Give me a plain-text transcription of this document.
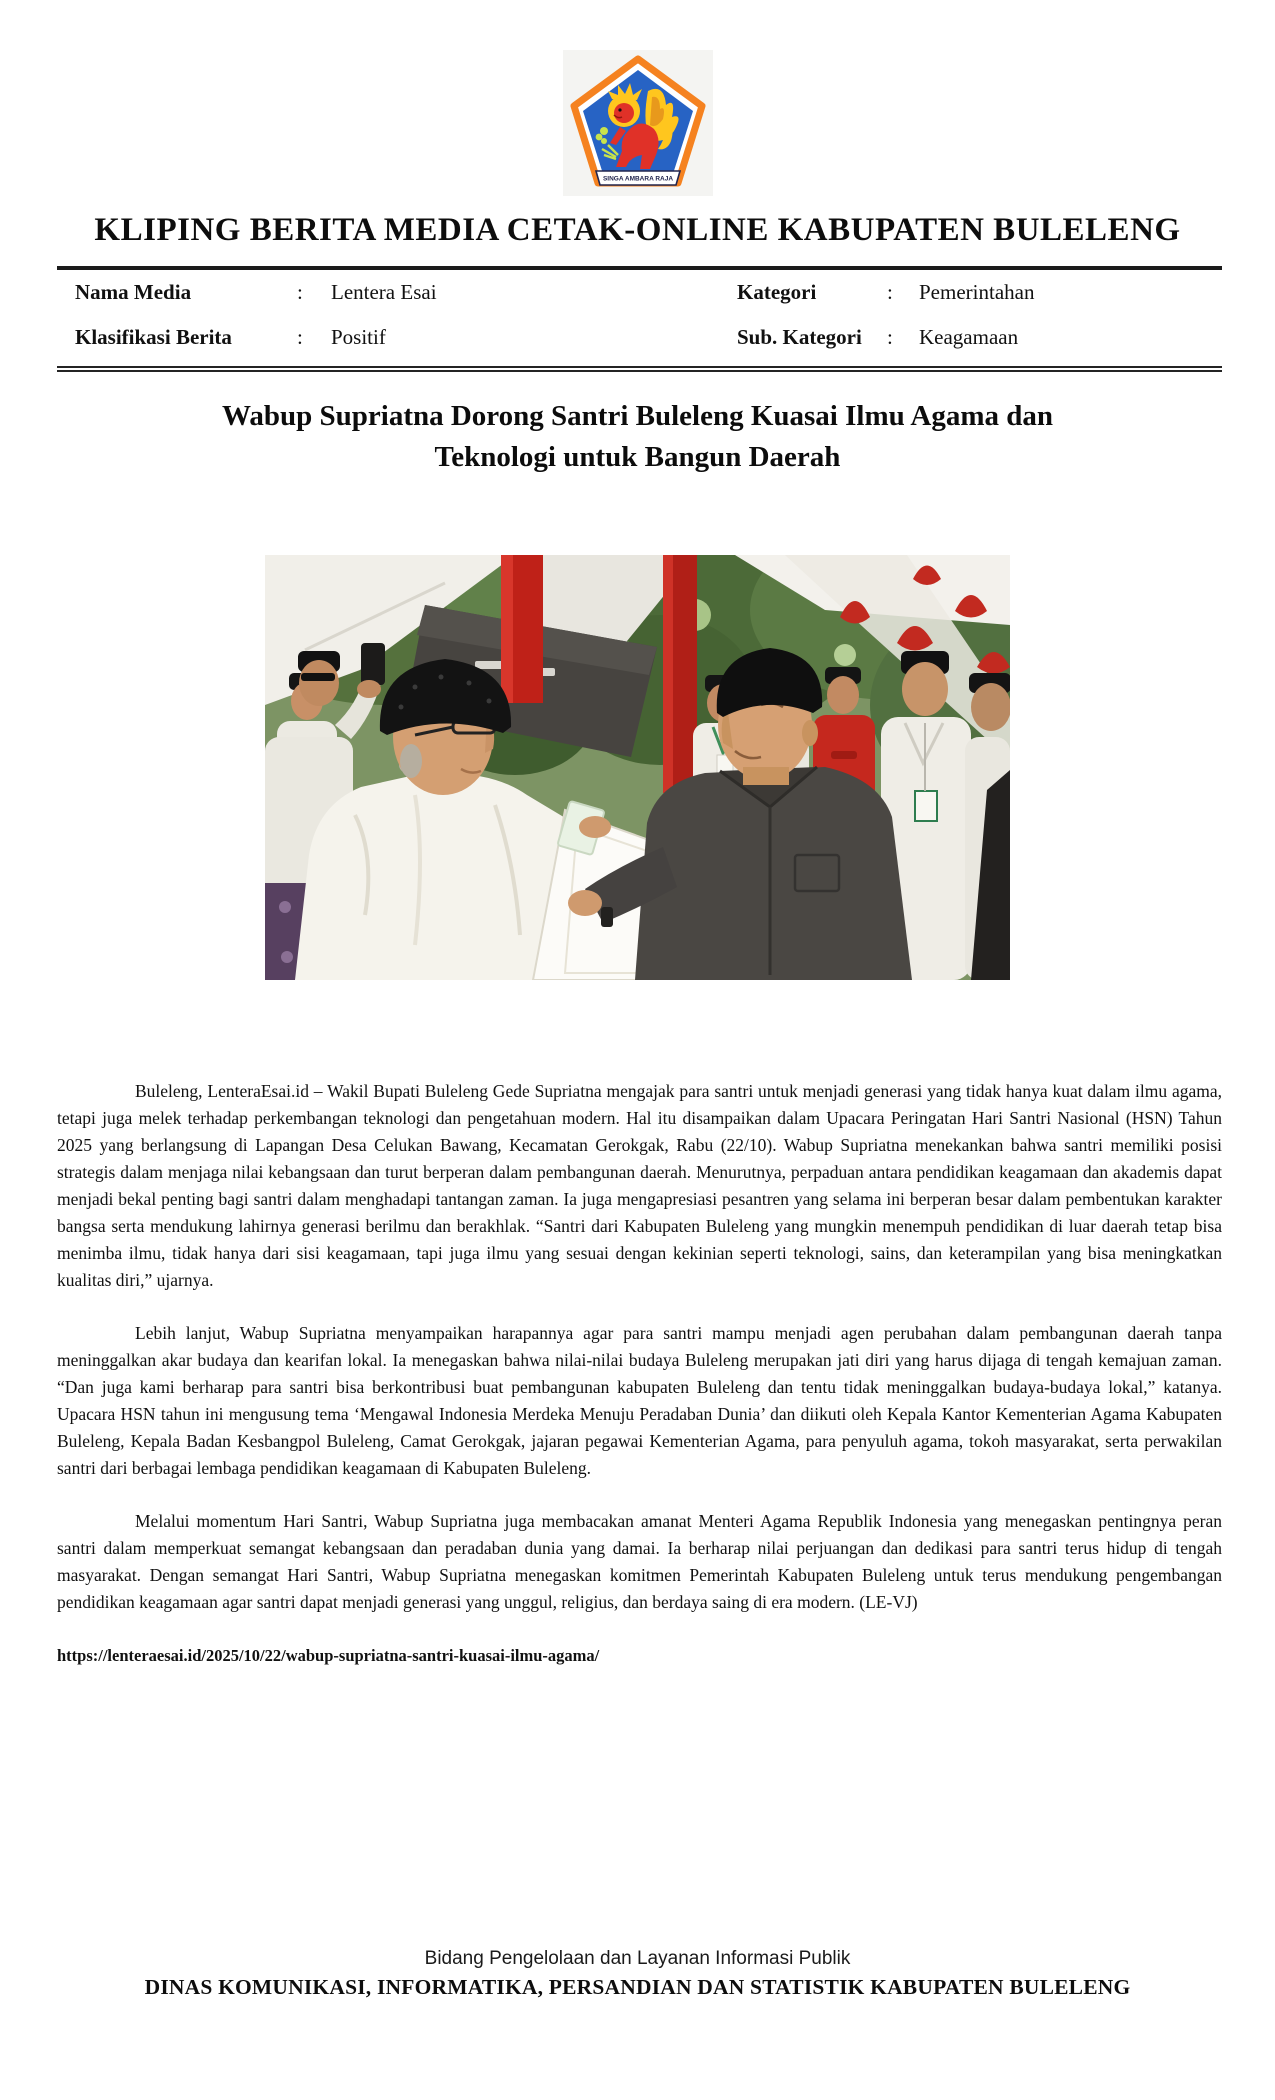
SINGA AMBARA RAJA
KLIPING BERITA MEDIA CETAK-ONLINE KABUPATEN BULELENG
Nama Media	:	Lentera Esai	Kategori	:	Pemerintahan
Klasifikasi Berita	:	Positif	Sub. Kategori	:	Keagamaan
Wabup Supriatna Dorong Santri Buleleng Kuasai Ilmu Agama dan
Teknologi untuk Bangun Daerah

Buleleng, LenteraEsai.id – Wakil Bupati Buleleng Gede Supriatna mengajak para santri untuk menjadi generasi yang tidak hanya kuat dalam ilmu agama, tetapi juga melek terhadap perkembangan teknologi dan pengetahuan modern. Hal itu disampaikan dalam Upacara Peringatan Hari Santri Nasional (HSN) Tahun 2025 yang berlangsung di Lapangan Desa Celukan Bawang, Kecamatan Gerokgak, Rabu (22/10). Wabup Supriatna menekankan bahwa santri memiliki posisi strategis dalam menjaga nilai kebangsaan dan turut berperan dalam pembangunan daerah. Menurutnya, perpaduan antara pendidikan keagamaan dan akademis dapat menjadi bekal penting bagi santri dalam menghadapi tantangan zaman. Ia juga mengapresiasi pesantren yang selama ini berperan besar dalam pembentukan karakter bangsa serta mendukung lahirnya generasi berilmu dan berakhlak. “Santri dari Kabupaten Buleleng yang mungkin menempuh pendidikan di luar daerah tetap bisa menimba ilmu, tidak hanya dari sisi keagamaan, tapi juga ilmu yang sesuai dengan kekinian seperti teknologi, sains, dan keterampilan yang bisa meningkatkan kualitas diri,” ujarnya.

Lebih lanjut, Wabup Supriatna menyampaikan harapannya agar para santri mampu menjadi agen perubahan dalam pembangunan daerah tanpa meninggalkan akar budaya dan kearifan lokal. Ia menegaskan bahwa nilai-nilai budaya Buleleng merupakan jati diri yang harus dijaga di tengah kemajuan zaman. “Dan juga kami berharap para santri bisa berkontribusi buat pembangunan kabupaten Buleleng dan tentu tidak meninggalkan budaya-budaya lokal,” katanya. Upacara HSN tahun ini mengusung tema ‘Mengawal Indonesia Merdeka Menuju Peradaban Dunia’ dan diikuti oleh Kepala Kantor Kementerian Agama Kabupaten Buleleng, Kepala Badan Kesbangpol Buleleng, Camat Gerokgak, jajaran pegawai Kementerian Agama, para penyuluh agama, tokoh masyarakat, serta perwakilan santri dari berbagai lembaga pendidikan keagamaan di Kabupaten Buleleng.

Melalui momentum Hari Santri, Wabup Supriatna juga membacakan amanat Menteri Agama Republik Indonesia yang menegaskan pentingnya peran santri dalam memperkuat semangat kebangsaan dan peradaban dunia yang damai. Ia berharap nilai perjuangan dan dedikasi para santri terus hidup di tengah masyarakat. Dengan semangat Hari Santri, Wabup Supriatna menegaskan komitmen Pemerintah Kabupaten Buleleng untuk terus mendukung pengembangan pendidikan keagamaan agar santri dapat menjadi generasi yang unggul, religius, dan berdaya saing di era modern. (LE-VJ)

https://lenteraesai.id/2025/10/22/wabup-supriatna-santri-kuasai-ilmu-agama/

Bidang Pengelolaan dan Layanan Informasi Publik
DINAS KOMUNIKASI, INFORMATIKA, PERSANDIAN DAN STATISTIK KABUPATEN BULELENG
